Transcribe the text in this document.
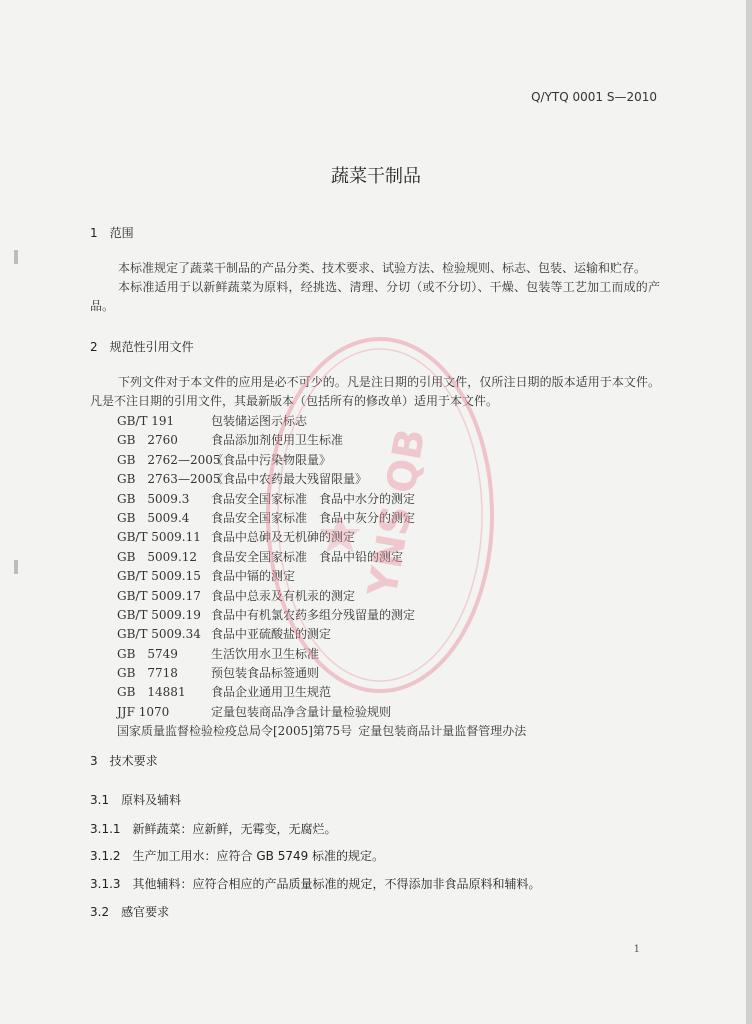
Q/YTQ 0001 S—2010
蔬菜干制品
1　范围
本标准规定了蔬菜干制品的产品分类、技术要求、试验方法、检验规则、标志、包装、运输和贮存。
本标准适用于以新鲜蔬菜为原料，经挑选、清理、分切（或不分切）、干燥、包装等工艺加工而成的产品。
2　规范性引用文件
下列文件对于本文件的应用是必不可少的。凡是注日期的引用文件，仅所注日期的版本适用于本文件。凡是不注日期的引用文件，其最新版本（包括所有的修改单）适用于本文件。
GB/T 191	包装储运图示标志
GB　2760	食品添加剂使用卫生标准
GB　2762—2005《食品中污染物限量》
GB　2763—2005《食品中农药最大残留限量》
GB　5009.3 食品安全国家标准　食品中水分的测定
GB　5009.4 食品安全国家标准　食品中灰分的测定
GB/T 5009.11 食品中总砷及无机砷的测定
GB　5009.12 食品安全国家标准　食品中铅的测定
GB/T 5009.15 食品中镉的测定
GB/T 5009.17 食品中总汞及有机汞的测定
GB/T 5009.19 食品中有机氯农药多组分残留量的测定
GB/T 5009.34 食品中亚硫酸盐的测定
GB　5749	生活饮用水卫生标准
GB　7718	预包装食品标签通则
GB　14881 食品企业通用卫生规范
JJF 1070	定量包装商品净含量计量检验规则
国家质量监督检验检疫总局令[2005]第75号 定量包装商品计量监督管理办法
3　技术要求
3.1 原料及辅料
3.1.1 新鲜蔬菜：应新鲜，无霉变，无腐烂。
3.1.2 生产加工用水：应符合 GB 5749 标准的规定。
3.1.3 其他辅料：应符合相应的产品质量标准的规定，不得添加非食品原料和辅料。
3.2 感官要求
1
YNS QB
